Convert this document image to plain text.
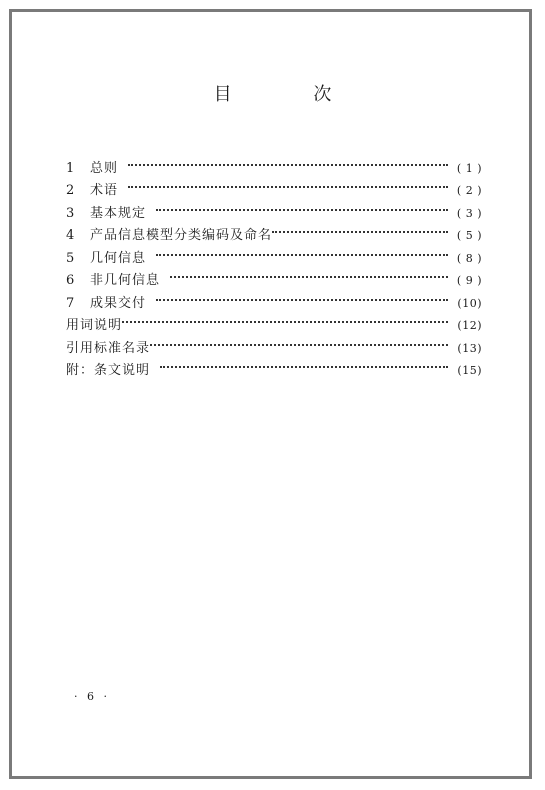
目 次
1	总则	( 1 )
2	术语	( 2 )
3	基本规定	( 3 )
4	产品信息模型分类编码及命名	( 5 )
5	几何信息	( 8 )
6	非几何信息	( 9 )
7	成果交付	(10)
用词说明	(12)
引用标准名录	(13)
附：条文说明	(15)
· 6 ·
